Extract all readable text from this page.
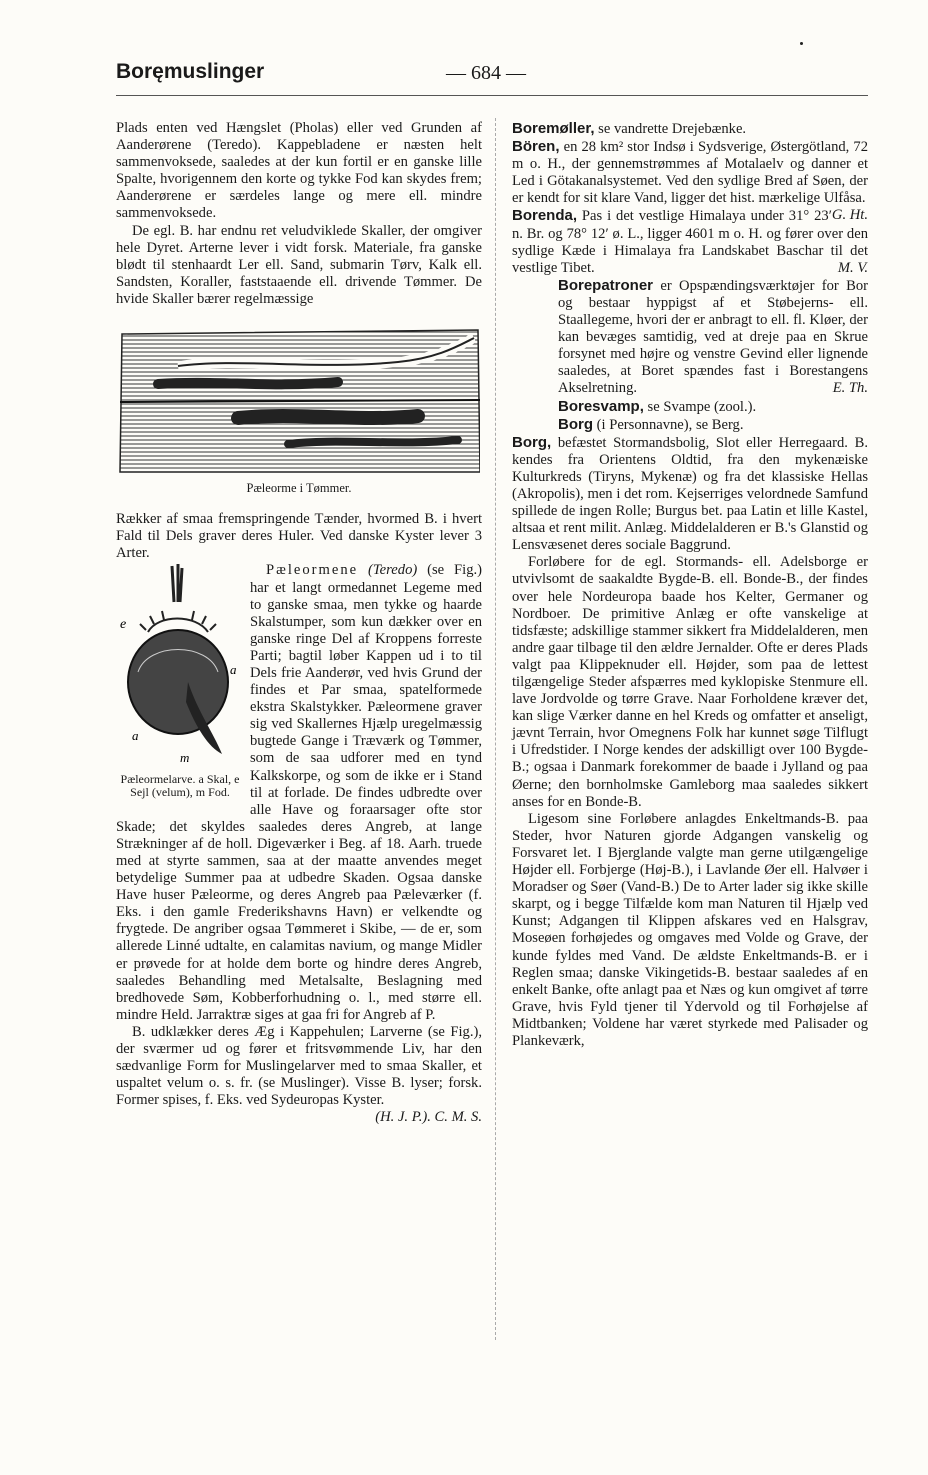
Boręmuslinger	— 684 —

Plads enten ved Hængslet (Pholas) eller ved Grunden af Aanderørene (Teredo). Kappebladene er næsten helt sammenvoksede, saaledes at der kun fortil er en ganske lille Spalte, hvorigennem den korte og tykke Fod kan skydes frem; Aanderørene er særdeles lange og mere ell. mindre sammenvoksede.

De egl. B. har endnu ret veludviklede Skaller, der omgiver hele Dyret. Arterne lever i vidt forsk. Materiale, fra ganske blødt til stenhaardt Ler ell. Sand, submarin Tørv, Kalk ell. Sandsten, Koraller, faststaaende ell. drivende Tømmer. De hvide Skaller bærer regelmæssige

Pæleorme i Tømmer.

Rækker af smaa fremspringende Tænder, hvormed B. i hvert Fald til Dels graver deres Huler. Ved danske Kyster lever 3 Arter.

e
a
a
m
Pæleormelarve. a Skal, e Sejl (velum), m Fod.

Pæleormene (Teredo) (se Fig.) har et langt ormedannet Legeme med to ganske smaa, men tykke og haarde Skalstumper, som kun dækker over en ganske ringe Del af Kroppens forreste Parti; bagtil løber Kappen ud i to til Dels frie Aanderør, ved hvis Grund der findes et Par smaa, spatelformede ekstra Skalstykker. Pæleormene graver sig ved Skallernes Hjælp uregelmæssig bugtede Gange i Træværk og Tømmer, som de saa udforer med en tynd Kalkskorpe, og som de ikke er i Stand til at forlade. De findes udbredte over alle Have og foraarsager ofte stor Skade; det skyldes saaledes deres Angreb, at lange Strækninger af de holl. Digeværker i Beg. af 18. Aarh. truede med at styrte sammen, saa at der maatte anvendes meget betydelige Summer paa at udbedre Skaden. Ogsaa danske Have huser Pæleorme, og deres Angreb paa Pæleværker (f. Eks. i den gamle Frederikshavns Havn) er velkendte og frygtede. De angriber ogsaa Tømmeret i Skibe, — de er, som allerede Linné udtalte, en calamitas navium, og mange Midler er prøvede for at holde dem borte og hindre deres Angreb, saaledes Behandling med Metalsalte, Beslagning med bredhovede Søm, Kobberforhudning o. l., med større ell. mindre Held. Jarraktræ siges at gaa fri for Angreb af P.

B. udklækker deres Æg i Kappehulen; Larverne (se Fig.), der sværmer ud og fører et fritsvømmende Liv, har den sædvanlige Form for Muslingelarver med to smaa Skaller, et uspaltet velum o. s. fr. (se Muslinger). Visse B. lyser; forsk. Former spises, f. Eks. ved Sydeuropas Kyster.
(H. J. P.). C. M. S.

Boremøller, se vandrette Drejebænke.

Bören, en 28 km² stor Indsø i Sydsverige, Østergötland, 72 m o. H., der gennemstrømmes af Motalaelv og danner et Led i Götakanalsystemet. Ved den sydlige Bred af Søen, der er kendt for sit klare Vand, ligger det hist. mærkelige Ulfåsa.
G. Ht.

Borenda, Pas i det vestlige Himalaya under 31° 23′ n. Br. og 78° 12′ ø. L., ligger 4601 m o. H. og fører over den sydlige Kæde i Himalaya fra Landskabet Baschar til det vestlige Tibet.	M. V.

Borepatroner er Opspændingsværktøjer for Bor og bestaar hyppigst af et Støbejerns- ell. Staallegeme, hvori der er anbragt to ell. fl. Kløer, der kan bevæges samtidig, ved at dreje paa en Skrue forsynet med højre og venstre Gevind eller lignende saaledes, at Boret spændes fast i Borestangens Akselretning.	E. Th.

Boresvamp, se Svampe (zool.).

Borg (i Personnavne), se Berg.

Borg, befæstet Stormandsbolig, Slot eller Herregaard. B. kendes fra Orientens Oldtid, fra den mykenæiske Kulturkreds (Tiryns, Mykenæ) og fra det klassiske Hellas (Akropolis), men i det rom. Kejserriges velordnede Samfund spillede de ingen Rolle; Burgus bet. paa Latin et lille Kastel, altsaa et rent milit. Anlæg. Middelalderen er B.'s Glanstid og Lensvæsenet deres sociale Baggrund.

Forløbere for de egl. Stormands- ell. Adelsborge er utvivlsomt de saakaldte Bygde-B. ell. Bonde-B., der findes over hele Nordeuropa baade hos Kelter, Germaner og Nordboer. De primitive Anlæg er ofte vanskelige at tidsfæste; adskillige stammer sikkert fra Middelalderen, men andre gaar tilbage til den ældre Jernalder. Ofte er deres Plads valgt paa Klippeknuder ell. Højder, som paa de lettest tilgængelige Steder afspærres med kyklopiske Stenmure ell. lave Jordvolde og tørre Grave. Naar Forholdene kræver det, kan slige Værker danne en hel Kreds og omfatter et anseligt, jævnt Terrain, hvor Omegnens Folk har kunnet søge Tilflugt i Ufredstider. I Norge kendes der adskilligt over 100 Bygde-B.; ogsaa i Danmark forekommer de baade i Jylland og paa Øerne; den bornholmske Gamleborg maa saaledes sikkert anses for en Bonde-B.

Ligesom sine Forløbere anlagdes Enkeltmands-B. paa Steder, hvor Naturen gjorde Adgangen vanskelig og Forsvaret let. I Bjerglande valgte man gerne utilgængelige Højder ell. Forbjerge (Høj-B.), i Lavlande Øer ell. Halvøer i Moradser og Søer (Vand-B.) De to Arter lader sig ikke skille skarpt, og i begge Tilfælde kom man Naturen til Hjælp ved Kunst; Adgangen til Klippen afskares ved en Halsgrav, Moseøen forhøjedes og omgaves med Volde og Grave, der kunde fyldes med Vand. De ældste Enkeltmands-B. er i Reglen smaa; danske Vikingetids-B. bestaar saaledes af en enkelt Banke, ofte anlagt paa et Næs og kun omgivet af tørre Grave, hvis Fyld tjener til Ydervold og til Forhøjelse af Midtbanken; Voldene har været styrkede med Palisader og Plankeværk,
